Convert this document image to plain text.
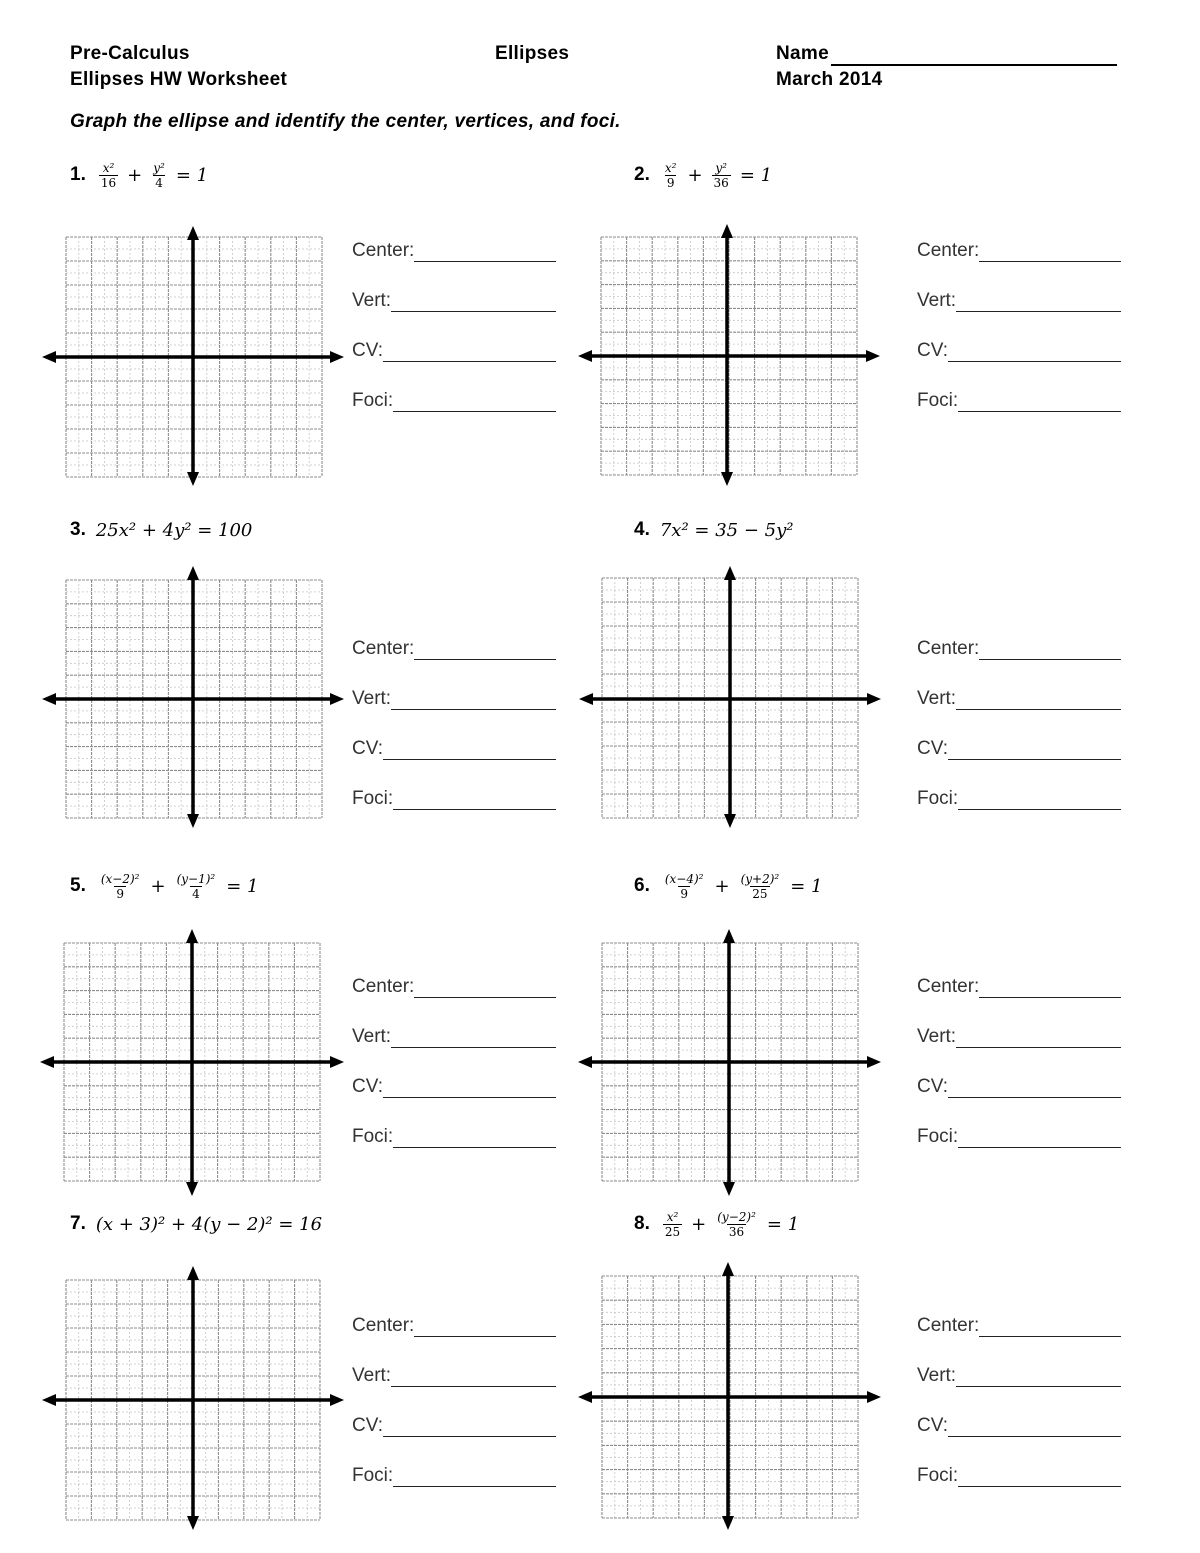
Pre-Calculus
Ellipses HW Worksheet
Ellipses	Name
March 2014
Graph the ellipse and identify the center, vertices, and foci.
1. $\frac{\text{x²}}{16} + \frac{\text{y²}}{4} = 1$
Center:
Vert:
CV:
Foci:
2. $\frac{\text{x²}}{9} + \frac{\text{y²}}{36} = 1$
Center:
Vert:
CV:
Foci:
3. 25x² + 4y² = 100
Center:
Vert:
CV:
Foci:
4. 7x² = 35 − 5y²
Center:
Vert:
CV:
Foci:
5. $\frac{\text{(x−2)²}}{9} + \frac{\text{(y−1)²}}{4} = 1$
Center:
Vert:
CV:
Foci:
6. $\frac{\text{(x−4)²}}{9} + \frac{\text{(y+2)²}}{25} = 1$
Center:
Vert:
CV:
Foci:
7. (x + 3)² + 4(y − 2)² = 16
Center:
Vert:
CV:
Foci:
8. $\frac{\text{x²}}{25} + \frac{\text{(y−2)²}}{36} = 1$
Center:
Vert:
CV:
Foci:
